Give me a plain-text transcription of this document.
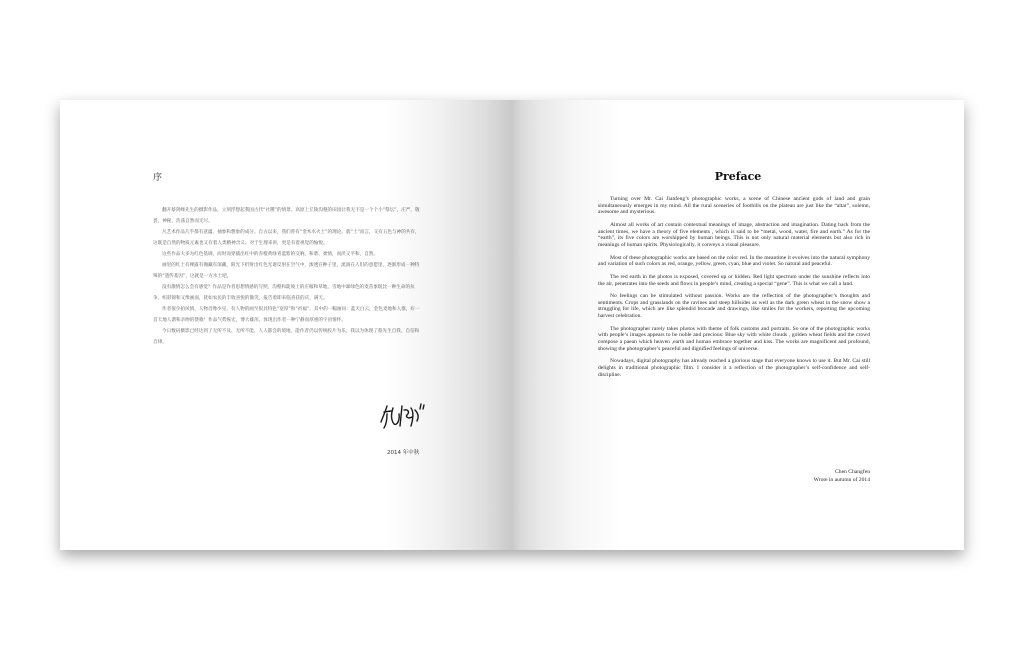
序

翻开蔡剑峰先生的摄影作品，立刻浮想起我国古代“社稷”的情景。高原上丘陵沟壑的田园让我无不是一个个小“祭坛”，庄严，敬畏，神秘，浩荡自然而无尽。

凡艺术作品几乎都有意蕴、抽象和想象的成分。自古以来，我们曾有“金木水火土”的理论。就“土”而言，又有五色与神的共有，这既是自然的物质元素也又有着人类精神含义。对于生理来讲，更是有着视觉的愉悦。

这些作品大多为红色基调，而时而穿插出红中的赤橙黄绿青蓝紫的交响，和谐、柔情，而淡又平和，自然。

画里的红土有裸露有掩藏有深藏，阳光下折射出红色光谱反射在空气中，渗透在种子里，流淌在人们的意愿里，逐渐形成一种特殊的“遗传基因”，这就是一方水土吧。

没有激情怎么会有感觉？作品是作者思想情感的写照，沟壑和陡坡上的庄稼和草地，雪地中暴绿色的麦苗象既比一种生命的抗争，织彩锦和又像画面，犹如农民的丰收喜悦的微笑，报告着即来临喜获的庆，满天。

作者很少拍风情、人物肖像少见，有人物的画至很具特色“宽厚”和“祈福”，其中的一幅画问：蓝天白云，金色麦地和人群，好一首天地人谐和亲吻的赞歌！作品气势恢宏，博大雄浑，体现出作者一种宁静而厚重的宇宙情怀。

今日数码摄影已经达到了无所不及、无所不能、人人都会的境地，能作者仍以传统胶片为乐，我以为体现了蔡先生自我、自信和自律。

2014 年中秋
Preface

Turning over Mr. Cai Jianfeng’s photographic works, a scene of Chinese ancient gods of land and grain simultaneously emerges in my mind. All the rural sceneries of foothills on the plateau are just like the “altar”, solemn, awesome and mysterious.

Almost all works of art contain contextual meanings of image, abstraction and imagination. Dating back from the ancient times, we have a theory of five elements , which is said to be “metal, wood, water, fire and earth.” As for the “earth”, its five colors are worshipped by human beings. This is not only natural material elements but also rich in meanings of human spirits. Physiologically, it conveys a visual pleasure.

Most of these photographic works are based on the color red. In the meantime it evolves into the natural symphony and variation of such colors as red, orange, yellow, green, cyan, blue and violet. So natural and peaceful.

The red earth in the photos is exposed, covered up or hidden. Red light spectrum under the sunshine reflects into the air, penetrates into the seeds and flows in people’s mind, creating a special “gene”. This is what we call a land.

No feelings can be stimulated without passion. Works are the reflection of the photographer’s thoughts and sentiments. Crops and grasslands on the ravines and steep hillsides as well as the dark green wheat in the snow show a struggling for life, which are like splendid brocade and drawings, like smiles for the workers, reporting the upcoming harvest celebration.

The photographer rarely takes photos with theme of folk customs and portraits. So one of the photographic works with people’s images appears to be noble and precious: Blue sky with white clouds , golden wheat fields and the crowd compose a paean which heaven ,earth and human embrace together and kiss. The works are magnificent and profound, showing the photographer’s peaceful and dignified feelings of universe.

Nowadays, digital photography has already reached a glorious stage that everyone knows to use it. But Mr. Cai still delights in traditional photographic film. I consider it a reflection of the photographer’s self-confidence and self-discipline.

Chen Changfen
Wrote in autumn of 2014
